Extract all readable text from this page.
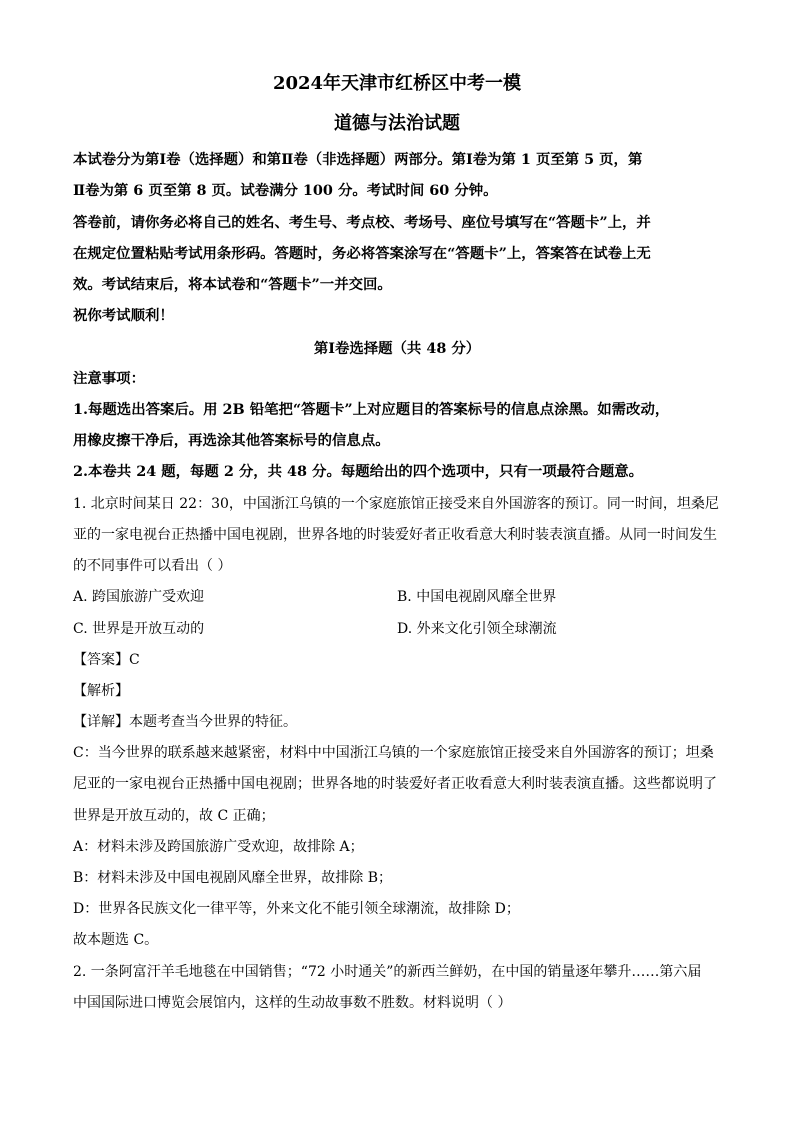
2024年天津市红桥区中考一模
道德与法治试题
本试卷分为第Ⅰ卷（选择题）和第Ⅱ卷（非选择题）两部分。第Ⅰ卷为第 1 页至第 5 页，第
Ⅱ卷为第 6 页至第 8 页。试卷满分 100 分。考试时间 60 分钟。
答卷前，请你务必将自己的姓名、考生号、考点校、考场号、座位号填写在“答题卡”上，并
在规定位置粘贴考试用条形码。答题时，务必将答案涂写在“答题卡”上，答案答在试卷上无
效。考试结束后，将本试卷和“答题卡”一并交回。
祝你考试顺利！
第Ⅰ卷选择题（共 48 分）
注意事项：
1.每题选出答案后。用 2B 铅笔把“答题卡”上对应题目的答案标号的信息点涂黑。如需改动，
用橡皮擦干净后，再选涂其他答案标号的信息点。
2.本卷共 24 题，每题 2 分，共 48 分。每题给出的四个选项中，只有一项最符合题意。
1. 北京时间某日 22：30，中国浙江乌镇的一个家庭旅馆正接受来自外国游客的预订。同一时间，坦桑尼
亚的一家电视台正热播中国电视剧，世界各地的时装爱好者正收看意大利时装表演直播。从同一时间发生
的不同事件可以看出（ ）
A. 跨国旅游广受欢迎	B. 中国电视剧风靡全世界
C. 世界是开放互动的	D. 外来文化引领全球潮流
【答案】C
【解析】
【详解】本题考查当今世界的特征。
C：当今世界的联系越来越紧密，材料中中国浙江乌镇的一个家庭旅馆正接受来自外国游客的预订；坦桑
尼亚的一家电视台正热播中国电视剧；世界各地的时装爱好者正收看意大利时装表演直播。这些都说明了
世界是开放互动的，故 C 正确；
A：材料未涉及跨国旅游广受欢迎，故排除 A；
B：材料未涉及中国电视剧风靡全世界，故排除 B；
D：世界各民族文化一律平等，外来文化不能引领全球潮流，故排除 D；
故本题选 C。
2. 一条阿富汗羊毛地毯在中国销售；“72 小时通关”的新西兰鲜奶，在中国的销量逐年攀升……第六届
中国国际进口博览会展馆内，这样的生动故事数不胜数。材料说明（ ）
